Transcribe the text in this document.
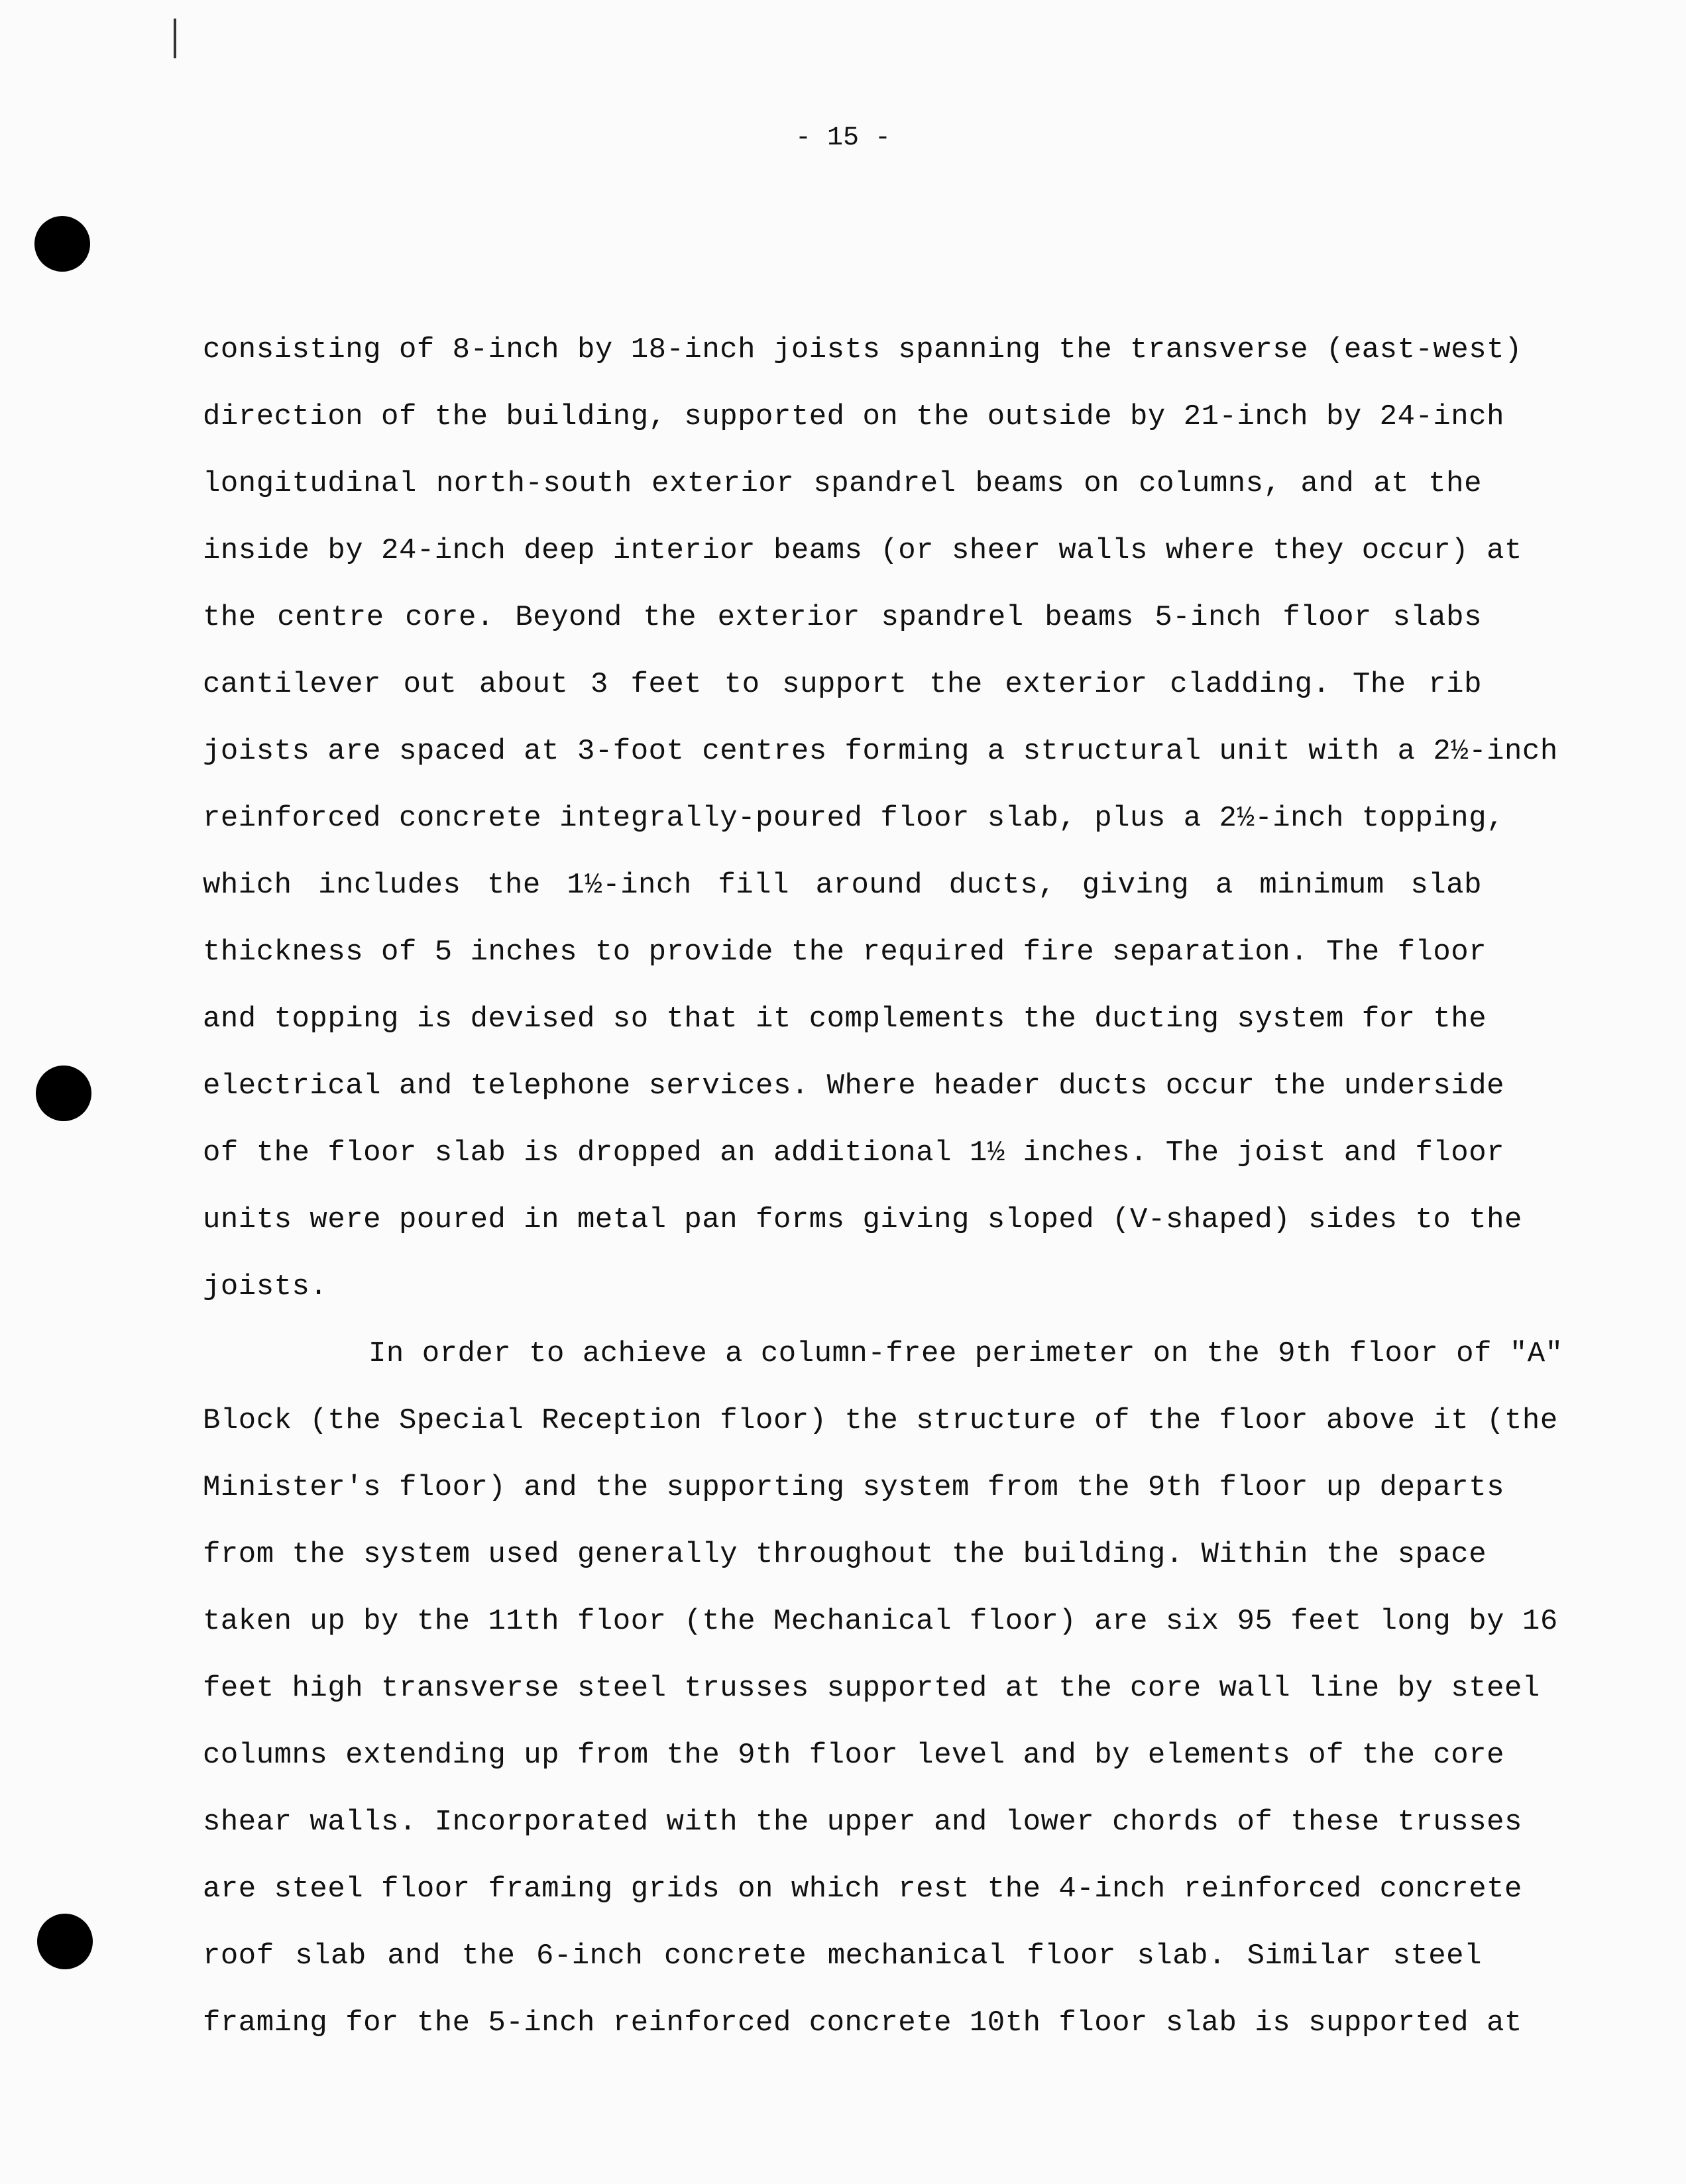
- 15 -
consisting of 8-inch by 18-inch joists spanning the transverse (east-west)
direction of the building, supported on the outside by 21-inch by 24-inch
longitudinal north-south exterior spandrel beams on columns, and at the
inside by 24-inch deep interior beams (or sheer walls where they occur) at
the centre core. Beyond the exterior spandrel beams 5-inch floor slabs
cantilever out about 3 feet to support the exterior cladding. The rib
joists are spaced at 3-foot centres forming a structural unit with a 2½-inch
reinforced concrete integrally-poured floor slab, plus a 2½-inch topping,
which includes the 1½-inch fill around ducts, giving a minimum slab
thickness of 5 inches to provide the required fire separation. The floor
and topping is devised so that it complements the ducting system for the
electrical and telephone services. Where header ducts occur the underside
of the floor slab is dropped an additional 1½ inches. The joist and floor
units were poured in metal pan forms giving sloped (V-shaped) sides to the
joists.
In order to achieve a column-free perimeter on the 9th floor of "A"
Block (the Special Reception floor) the structure of the floor above it (the
Minister's floor) and the supporting system from the 9th floor up departs
from the system used generally throughout the building. Within the space
taken up by the 11th floor (the Mechanical floor) are six 95 feet long by 16
feet high transverse steel trusses supported at the core wall line by steel
columns extending up from the 9th floor level and by elements of the core
shear walls. Incorporated with the upper and lower chords of these trusses
are steel floor framing grids on which rest the 4-inch reinforced concrete
roof slab and the 6-inch concrete mechanical floor slab. Similar steel
framing for the 5-inch reinforced concrete 10th floor slab is supported at
